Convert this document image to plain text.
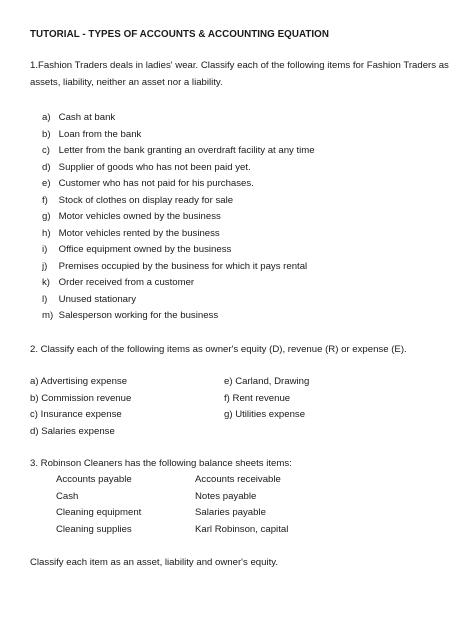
TUTORIAL - TYPES OF ACCOUNTS & ACCOUNTING EQUATION
1.Fashion Traders deals in ladies' wear. Classify each of the following items for Fashion Traders as
assets, liability, neither an asset nor a liability.
a) Cash at bank
b) Loan from the bank
c) Letter from the bank granting an overdraft facility at any time
d) Supplier of goods who has not been paid yet.
e) Customer who has not paid for his purchases.
f) Stock of clothes on display ready for sale
g) Motor vehicles owned by the business
h) Motor vehicles rented by the business
i) Office equipment owned by the business
j) Premises occupied by the business for which it pays rental
k) Order received from a customer
l) Unused stationary
m) Salesperson working for the business
2. Classify each of the following items as owner's equity (D), revenue (R) or expense (E).
a) Advertising expense	e) Carland, Drawing
b) Commission revenue	f) Rent revenue
c) Insurance expense	g) Utilities expense
d) Salaries expense
3. Robinson Cleaners has the following balance sheets items:
Accounts payable	Accounts receivable
Cash	Notes payable
Cleaning equipment	Salaries payable
Cleaning supplies	Karl Robinson, capital
Classify each item as an asset, liability and owner's equity.
